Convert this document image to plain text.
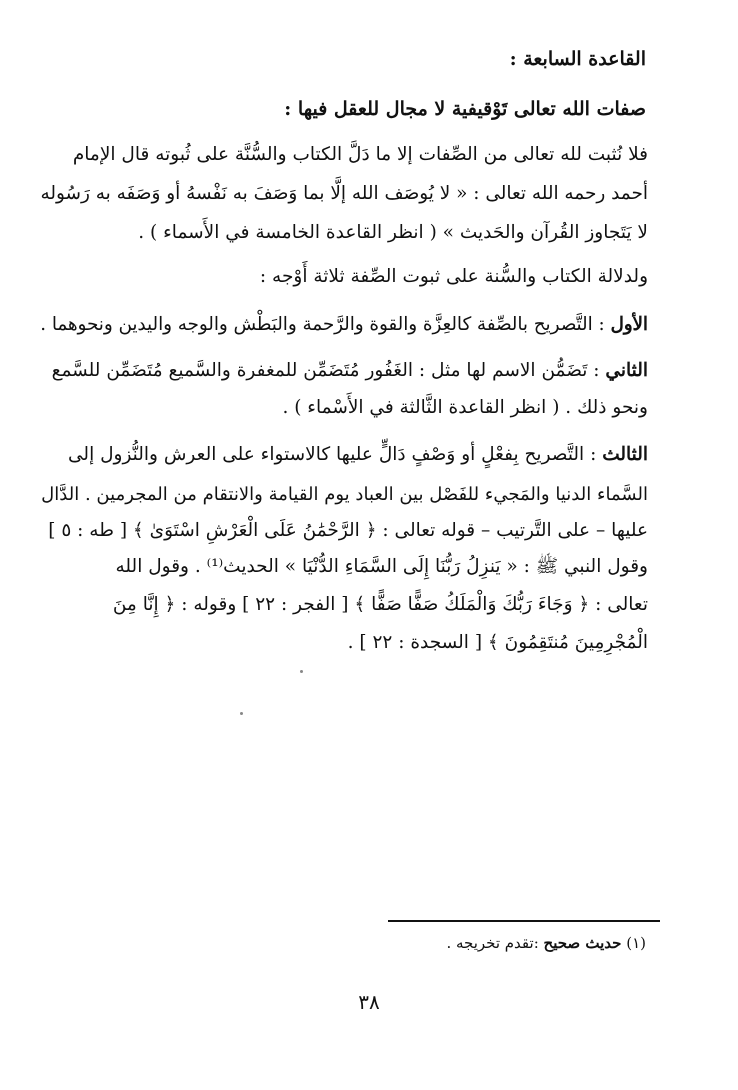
القاعدة السابعة :
صفات الله تعالى تَوْقيفية لا مجال للعقل فيها :
فلا نُثبت لله تعالى من الصِّفات إلا ما دَلَّ الكتاب والسُّنَّة على ثُبوته قال الإمام
أحمد رحمه الله تعالى : « لا يُوصَف الله إلَّا بما وَصَفَ به نَفْسهُ أو وَصَفَه به رَسُوله
لا يَتَجاوز القُرآن والحَديث » ( انظر القاعدة الخامسة في الأَسماء ) .
ولدلالة الكتاب والسُّنة على ثبوت الصِّفة ثلاثة أَوْجه :
الأول : التَّصريح بالصِّفة كالعِزَّة والقوة والرَّحمة والبَطْش والوجه واليدين ونحوهما .
الثاني : تَضَمُّن الاسم لها مثل : الغَفُور مُتَضَمِّن للمغفرة والسَّميع مُتَضَمِّن للسَّمع
ونحو ذلك . ( انظر القاعدة الثَّالثة في الأَسْماء ) .
الثالث : التَّصريح بِفعْلٍ أو وَصْفٍ دَالٍّ عليها كالاستواء على العرش والنُّزول إلى
السَّماء الدنيا والمَجيء للفَصْل بين العباد يوم القيامة والانتقام من المجرمين . الدَّال
عليها – على التَّرتيب – قوله تعالى : ﴿ الرَّحْمَٰنُ عَلَى الْعَرْشِ اسْتَوَىٰ ﴾ [ طه : ٥ ]
وقول النبي ﷺ : « يَنزِلُ رَبُّنَا إِلَى السَّمَاءِ الدُّنْيَا » الحديث⁽¹⁾ . وقول الله
تعالى : ﴿ وَجَاءَ رَبُّكَ وَالْمَلَكُ صَفًّا صَفًّا ﴾ [ الفجر : ٢٢ ] وقوله : ﴿ إِنَّا مِنَ
الْمُجْرِمِينَ مُنتَقِمُونَ ﴾ [ السجدة : ٢٢ ] .
(١) حديث صحيح :تقدم تخريجه .
٣٨
